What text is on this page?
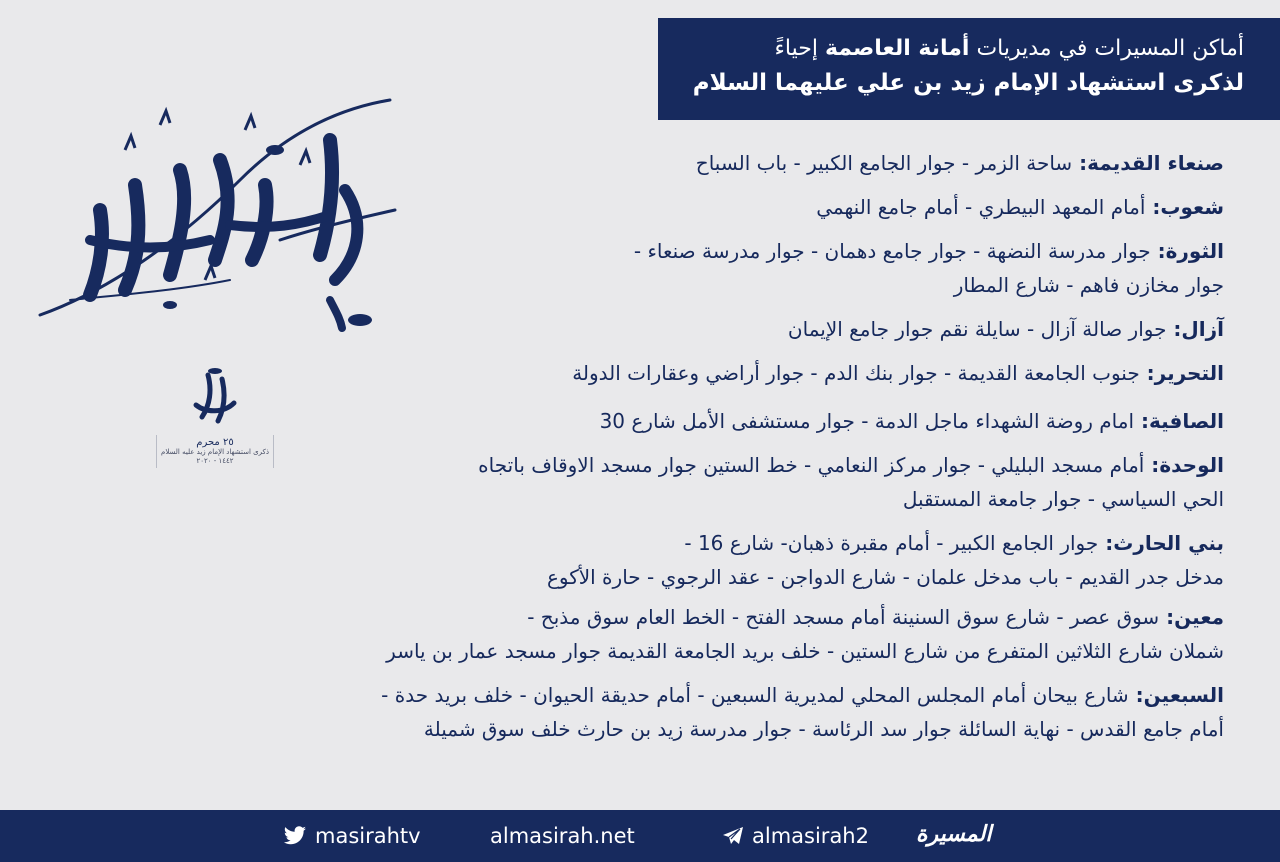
أماكن المسيرات في مديريات أمانة العاصمة إحياءً
لذكرى استشهاد الإمام زيد بن علي عليهما السلام
٢٥ محرم
ذكرى استشهاد الإمام زيد عليه السلام
١٤٤٢ - ٢٠٢٠
صنعاء القديمة: ساحة الزمر - جوار الجامع الكبير - باب السباح
شعوب: أمام المعهد البيطري - أمام جامع النهمي
الثورة: جوار مدرسة النضهة - جوار جامع دهمان - جوار مدرسة صنعاء -
جوار مخازن فاهم - شارع المطار
آزال: جوار صالة آزال - سايلة نقم جوار جامع الإيمان
التحرير: جنوب الجامعة القديمة - جوار بنك الدم - جوار أراضي وعقارات الدولة
الصافية: امام روضة الشهداء ماجل الدمة - جوار مستشفى الأمل شارع 30
الوحدة: أمام مسجد البليلي - جوار مركز النعامي - خط الستين جوار مسجد الاوقاف باتجاه
الحي السياسي - جوار جامعة المستقبل
بني الحارث: جوار الجامع الكبير - أمام مقبرة ذهبان- شارع 16 -
مدخل جدر القديم - باب مدخل علمان - شارع الدواجن - عقد الرجوي - حارة الأكوع
معين: سوق عصر - شارع سوق السنينة أمام مسجد الفتح - الخط العام سوق مذبح -
شملان شارع الثلاثين المتفرع من شارع الستين - خلف بريد الجامعة القديمة جوار مسجد عمار بن ياسر
السبعين: شارع بيحان أمام المجلس المحلي لمديرية السبعين - أمام حديقة الحيوان - خلف بريد حدة -
أمام جامع القدس - نهاية السائلة جوار سد الرئاسة - جوار مدرسة زيد بن حارث خلف سوق شميلة
masirahtv	almasirah.net	almasirah2 المسيرة
